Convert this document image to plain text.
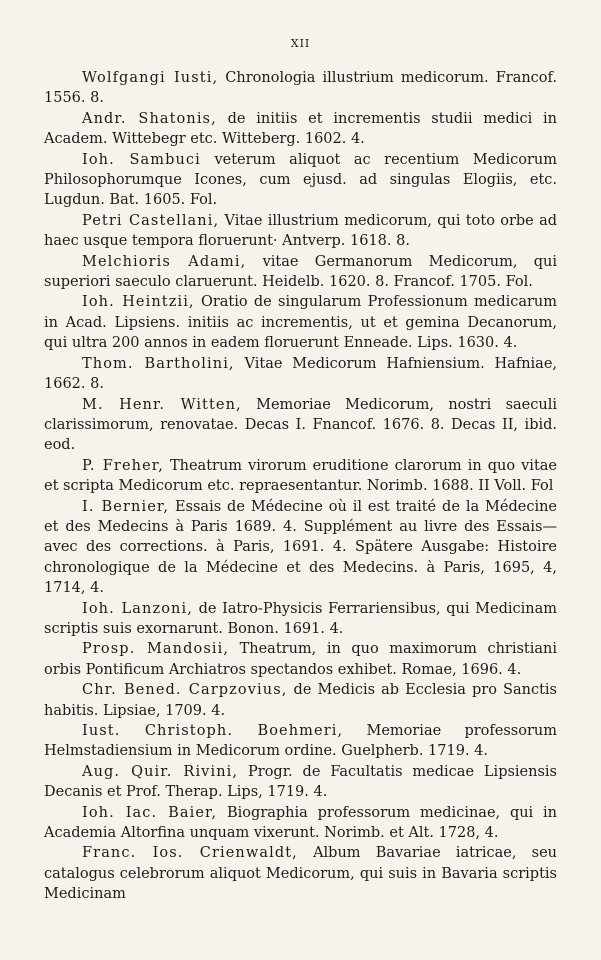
XII

Wolfgangi Iusti, Chronologia illustrium medicorum. Francof. 1556. 8.

Andr. Shatonis, de initiis et incrementis studii medici in Academ. Wittebegr etc. Witteberg. 1602. 4.

Ioh. Sambuci veterum aliquot ac recentium Medicorum Philosophorumque Icones, cum ejusd. ad singulas Elogiis, etc. Lugdun. Bat. 1605. Fol.

Petri Castellani, Vitae illustrium medicorum, qui toto orbe ad haec usque tempora floruerunt· Antverp. 1618. 8.

Melchioris Adami, vitae Germanorum Medicorum, qui superiori saeculo claruerunt. Heidelb. 1620. 8. Francof. 1705. Fol.

Ioh. Heintzii, Oratio de singularum Professionum medicarum in Acad. Lipsiens. initiis ac incrementis, ut et gemina Decanorum, qui ultra 200 annos in eadem floruerunt Enneade. Lips. 1630. 4.

Thom. Bartholini, Vitae Medicorum Hafniensium. Hafniae, 1662. 8.

M. Henr. Witten, Memoriae Medicorum, nostri saeculi clarissimorum, renovatae. Decas I. Fnancof. 1676. 8. Decas II, ibid. eod.

P. Freher, Theatrum virorum eruditione clarorum in quo vitae et scripta Medicorum etc. repraesentantur. Norimb. 1688. II Voll. Fol

I. Bernier, Essais de Médecine où il est traité de la Médecine et des Medecins à Paris 1689. 4. Supplément au livre des Essais— avec des corrections. à Paris, 1691. 4. Spätere Ausgabe: Histoire chronologique de la Médecine et des Medecins. à Paris, 1695, 4, 1714, 4.

Ioh. Lanzoni, de Iatro-Physicis Ferrariensibus, qui Medicinam scriptis suis exornarunt. Bonon. 1691. 4.

Prosp. Mandosii, Theatrum, in quo maximorum christiani orbis Pontificum Archiatros spectandos exhibet. Romae, 1696. 4.

Chr. Bened. Carpzovius, de Medicis ab Ecclesia pro Sanctis habitis. Lipsiae, 1709. 4.

Iust. Christoph. Boehmeri, Memoriae professorum Helmstadiensium in Medicorum ordine. Guelpherb. 1719. 4.

Aug. Quir. Rivini, Progr. de Facultatis medicae Lipsiensis Decanis et Prof. Therap. Lips, 1719. 4.

Ioh. Iac. Baier, Biographia professorum medicinae, qui in Academia Altorfina unquam vixerunt. Norimb. et Alt. 1728, 4.

Franc. Ios. Crienwaldt, Album Bavariae iatricae, seu catalogus celebrorum aliquot Medicorum, qui suis in Bavaria scriptis Medicinam
